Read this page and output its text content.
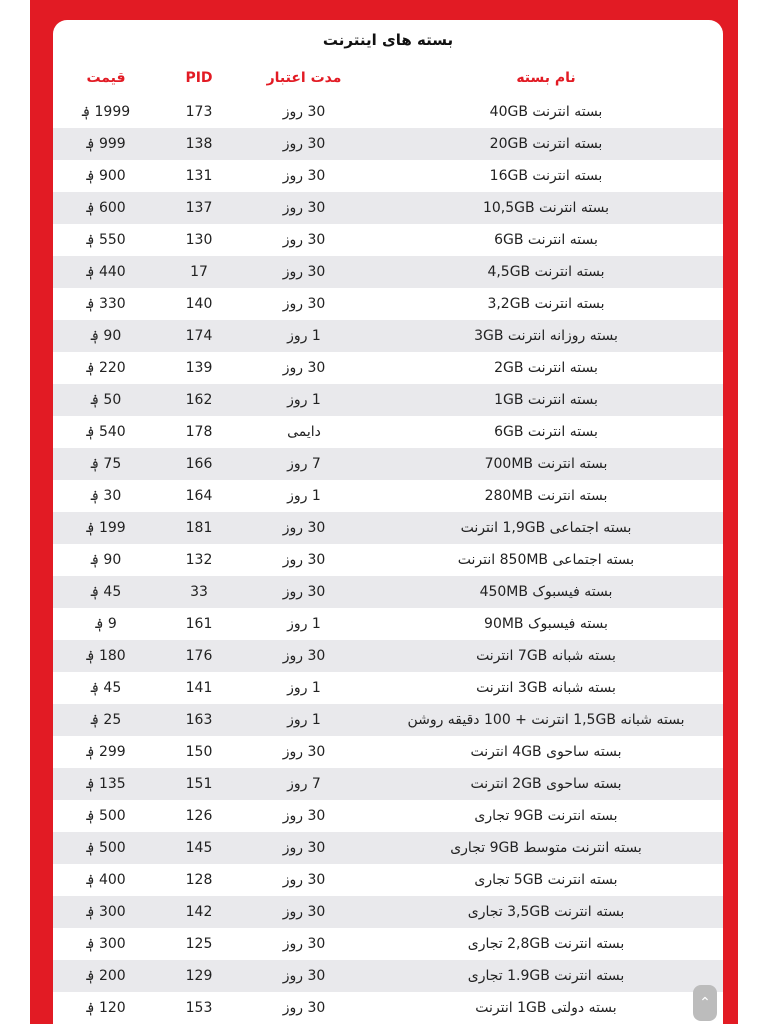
بسته های اینترنت
قیمت	PID	مدت اعتبار	نام بسته
1999 ؋	173	30 روز	بسته انترنت 40GB
999 ؋	138	30 روز	بسته انترنت 20GB
900 ؋	131	30 روز	بسته انترنت 16GB
600 ؋	137	30 روز	بسته انترنت 10,5GB
550 ؋	130	30 روز	بسته انترنت 6GB
440 ؋	17	30 روز	بسته انترنت 4,5GB
330 ؋	140	30 روز	بسته انترنت 3,2GB
90 ؋	174	1 روز	بسته روزانه انترنت 3GB
220 ؋	139	30 روز	بسته انترنت 2GB
50 ؋	162	1 روز	بسته انترنت 1GB
540 ؋	178	دایمی	بسته انترنت 6GB
75 ؋	166	7 روز	بسته انترنت 700MB
30 ؋	164	1 روز	بسته انترنت 280MB
199 ؋	181	30 روز	بسته اجتماعی 1,9GB انترنت
90 ؋	132	30 روز	بسته اجتماعی 850MB انترنت
45 ؋	33	30 روز	بسته فیسبوک 450MB
9 ؋	161	1 روز	بسته فیسبوک 90MB
180 ؋	176	30 روز	بسته شبانه 7GB انترنت
45 ؋	141	1 روز	بسته شبانه 3GB انترنت
25 ؋	163	1 روز	بسته شبانه 1,5GB انترنت + 100 دقیقه روشن
299 ؋	150	30 روز	بسته ساحوی 4GB انترنت
135 ؋	151	7 روز	بسته ساحوی 2GB انترنت
500 ؋	126	30 روز	بسته انترنت 9GB تجاری
500 ؋	145	30 روز	بسته انترنت متوسط 9GB تجاری
400 ؋	128	30 روز	بسته انترنت 5GB تجاری
300 ؋	142	30 روز	بسته انترنت 3,5GB تجاری
300 ؋	125	30 روز	بسته انترنت 2,8GB تجاری
200 ؋	129	30 روز	بسته انترنت 1.9GB تجاری
120 ؋	153	30 روز	بسته دولتی 1GB انترنت	⌃
